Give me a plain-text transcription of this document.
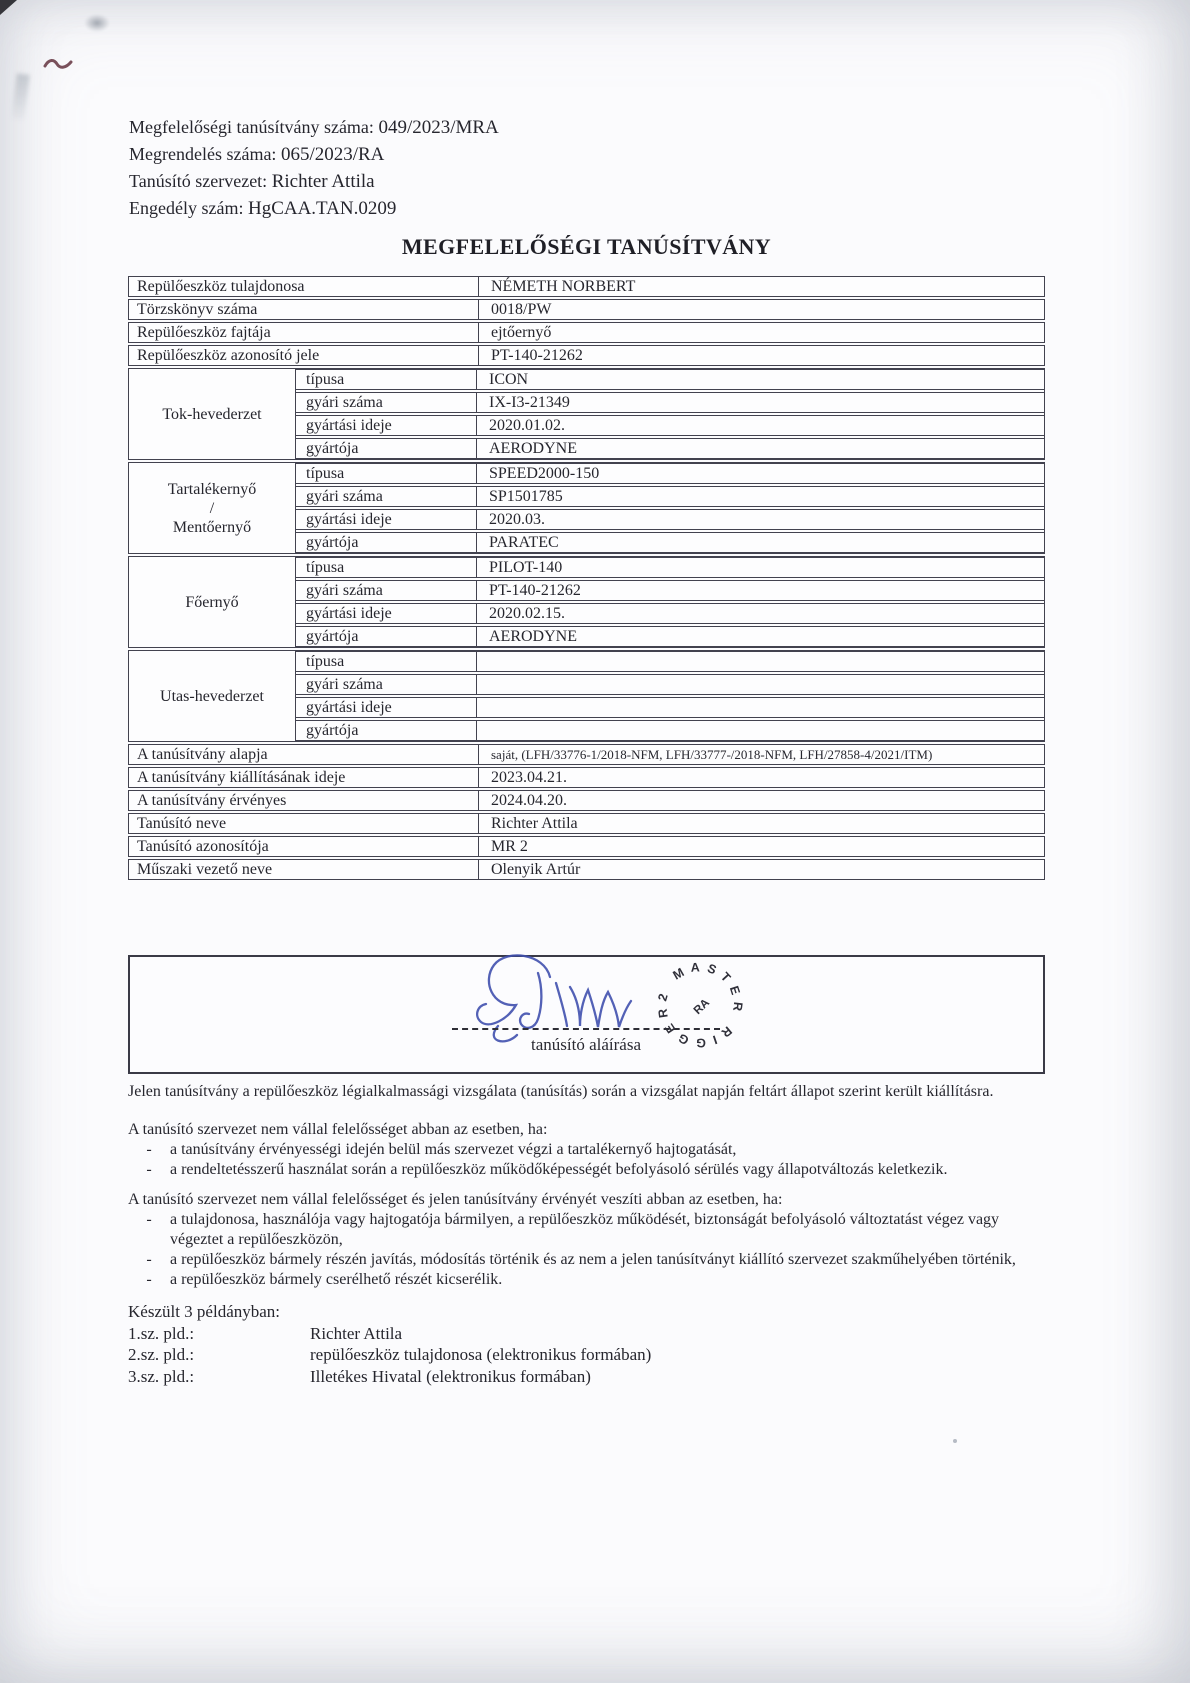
Megfelelőségi tanúsítvány száma: 049/2023/MRA
Megrendelés száma: 065/2023/RA
Tanúsító szervezet: Richter Attila
Engedély szám: HgCAA.TAN.0209
MEGFELELŐSÉGI TANÚSÍTVÁNY
Repülőeszköz tulajdonosa	NÉMETH NORBERT
Törzskönyv száma	0018/PW
Repülőeszköz fajtája	ejtőernyő
Repülőeszköz azonosító jele	PT-140-21262
Tok-hevederzet
típusa	ICON
gyári száma	IX-I3-21349
gyártási ideje	2020.01.02.
gyártója	AERODYNE
Tartalékernyő
/
Mentőernyő
típusa	SPEED2000-150
gyári száma	SP1501785
gyártási ideje	2020.03.
gyártója	PARATEC
Főernyő
típusa	PILOT-140
gyári száma	PT-140-21262
gyártási ideje	2020.02.15.
gyártója	AERODYNE
Utas-hevederzet
típusa
gyári száma
gyártási ideje
gyártója
A tanúsítvány alapja	saját, (LFH/33776-1/2018-NFM, LFH/33777-/2018-NFM, LFH/27858-4/2021/ITM)
A tanúsítvány kiállításának ideje	2023.04.21.
A tanúsítvány érvényes	2024.04.20.
Tanúsító neve	Richter Attila
Tanúsító azonosítója	MR 2
Műszaki vezető neve	Olenyik Artúr
MASTER RIGGER2
RA
tanúsító aláírása
Jelen tanúsítvány a repülőeszköz légialkalmassági vizsgálata (tanúsítás) során a vizsgálat napján feltárt állapot szerint került kiállításra.
A tanúsító szervezet nem vállal felelősséget abban az esetben, ha:
-	a tanúsítvány érvényességi idején belül más szervezet végzi a tartalékernyő hajtogatását,
-	a rendeltetésszerű használat során a repülőeszköz működőképességét befolyásoló sérülés vagy állapotváltozás keletkezik.
A tanúsító szervezet nem vállal felelősséget és jelen tanúsítvány érvényét veszíti abban az esetben, ha:
-	a tulajdonosa, használója vagy hajtogatója bármilyen, a repülőeszköz működését, biztonságát befolyásoló változtatást végez vagy végeztet a repülőeszközön,
-	a repülőeszköz bármely részén javítás, módosítás történik és az nem a jelen tanúsítványt kiállító szervezet szakműhelyében történik,
-	a repülőeszköz bármely cserélhető részét kicserélik.
Készült 3 példányban:
1.sz. pld.:	Richter Attila
2.sz. pld.:	repülőeszköz tulajdonosa (elektronikus formában)
3.sz. pld.:	Illetékes Hivatal (elektronikus formában)
